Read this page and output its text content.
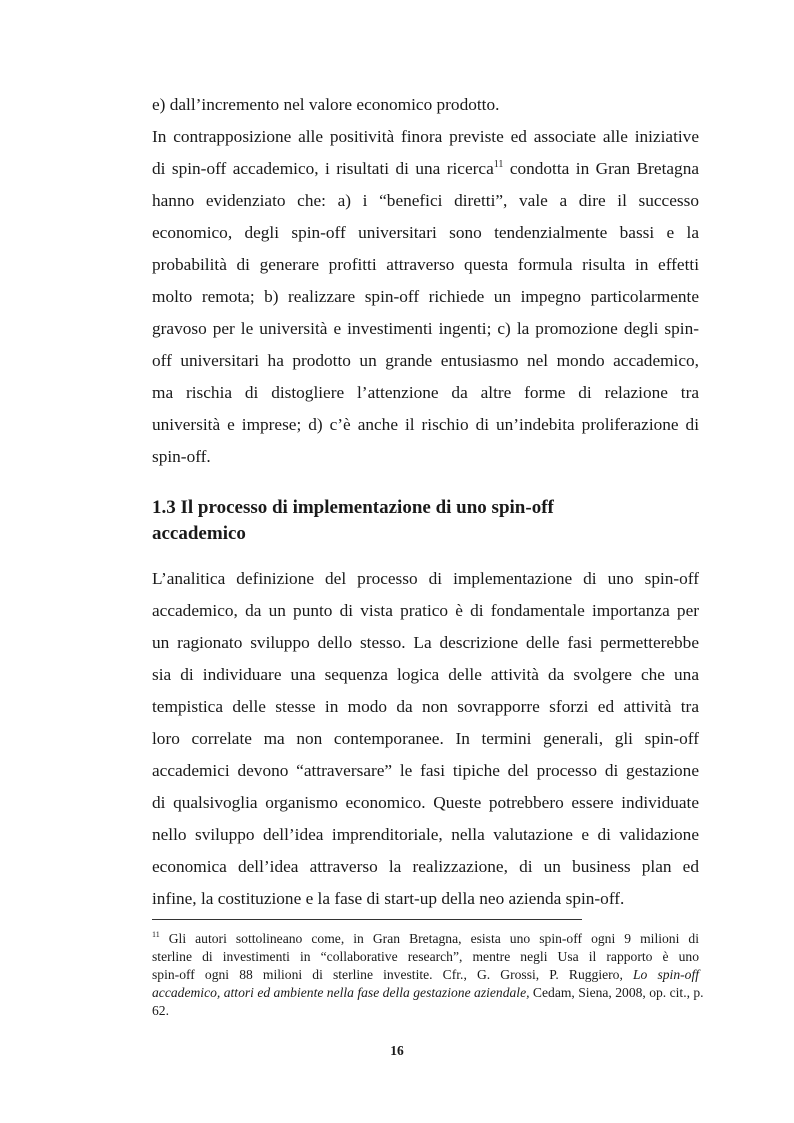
e) dall’incremento nel valore economico prodotto.
In contrapposizione alle positività finora previste ed associate alle iniziative
di spin-off accademico, i risultati di una ricerca$^{11}$ condotta in Gran Bretagna
hanno evidenziato che: a) i “benefici diretti”, vale a dire il successo
economico, degli spin-off universitari sono tendenzialmente bassi e la
probabilità di generare profitti attraverso questa formula risulta in effetti
molto remota; b) realizzare spin-off richiede un impegno particolarmente
gravoso per le università e investimenti ingenti; c) la promozione degli spin-
off universitari ha prodotto un grande entusiasmo nel mondo accademico,
ma rischia di distogliere l’attenzione da altre forme di relazione tra
università e imprese; d) c’è anche il rischio di un’indebita proliferazione di
spin-off.
1.3 Il processo di implementazione di uno spin-off
accademico
L’analitica definizione del processo di implementazione di uno spin-off
accademico, da un punto di vista pratico è di fondamentale importanza per
un ragionato sviluppo dello stesso. La descrizione delle fasi permetterebbe
sia di individuare una sequenza logica delle attività da svolgere che una
tempistica delle stesse in modo da non sovrapporre sforzi ed attività tra
loro correlate ma non contemporanee. In termini generali, gli spin-off
accademici devono “attraversare” le fasi tipiche del processo di gestazione
di qualsivoglia organismo economico. Queste potrebbero essere individuate
nello sviluppo dell’idea imprenditoriale, nella valutazione e di validazione
economica dell’idea attraverso la realizzazione, di un business plan ed
infine, la costituzione e la fase di start-up della neo azienda spin-off.
$^{11}$ Gli autori sottolineano come, in Gran Bretagna, esista uno spin-off ogni 9 milioni di
sterline di investimenti in “collaborative research”, mentre negli Usa il rapporto è uno
spin-off ogni 88 milioni di sterline investite. Cfr., G. Grossi, P. Ruggiero, Lo spin-off
accademico, attori ed ambiente nella fase della gestazione aziendale, Cedam, Siena, 2008, op. cit., p.
62.
16
